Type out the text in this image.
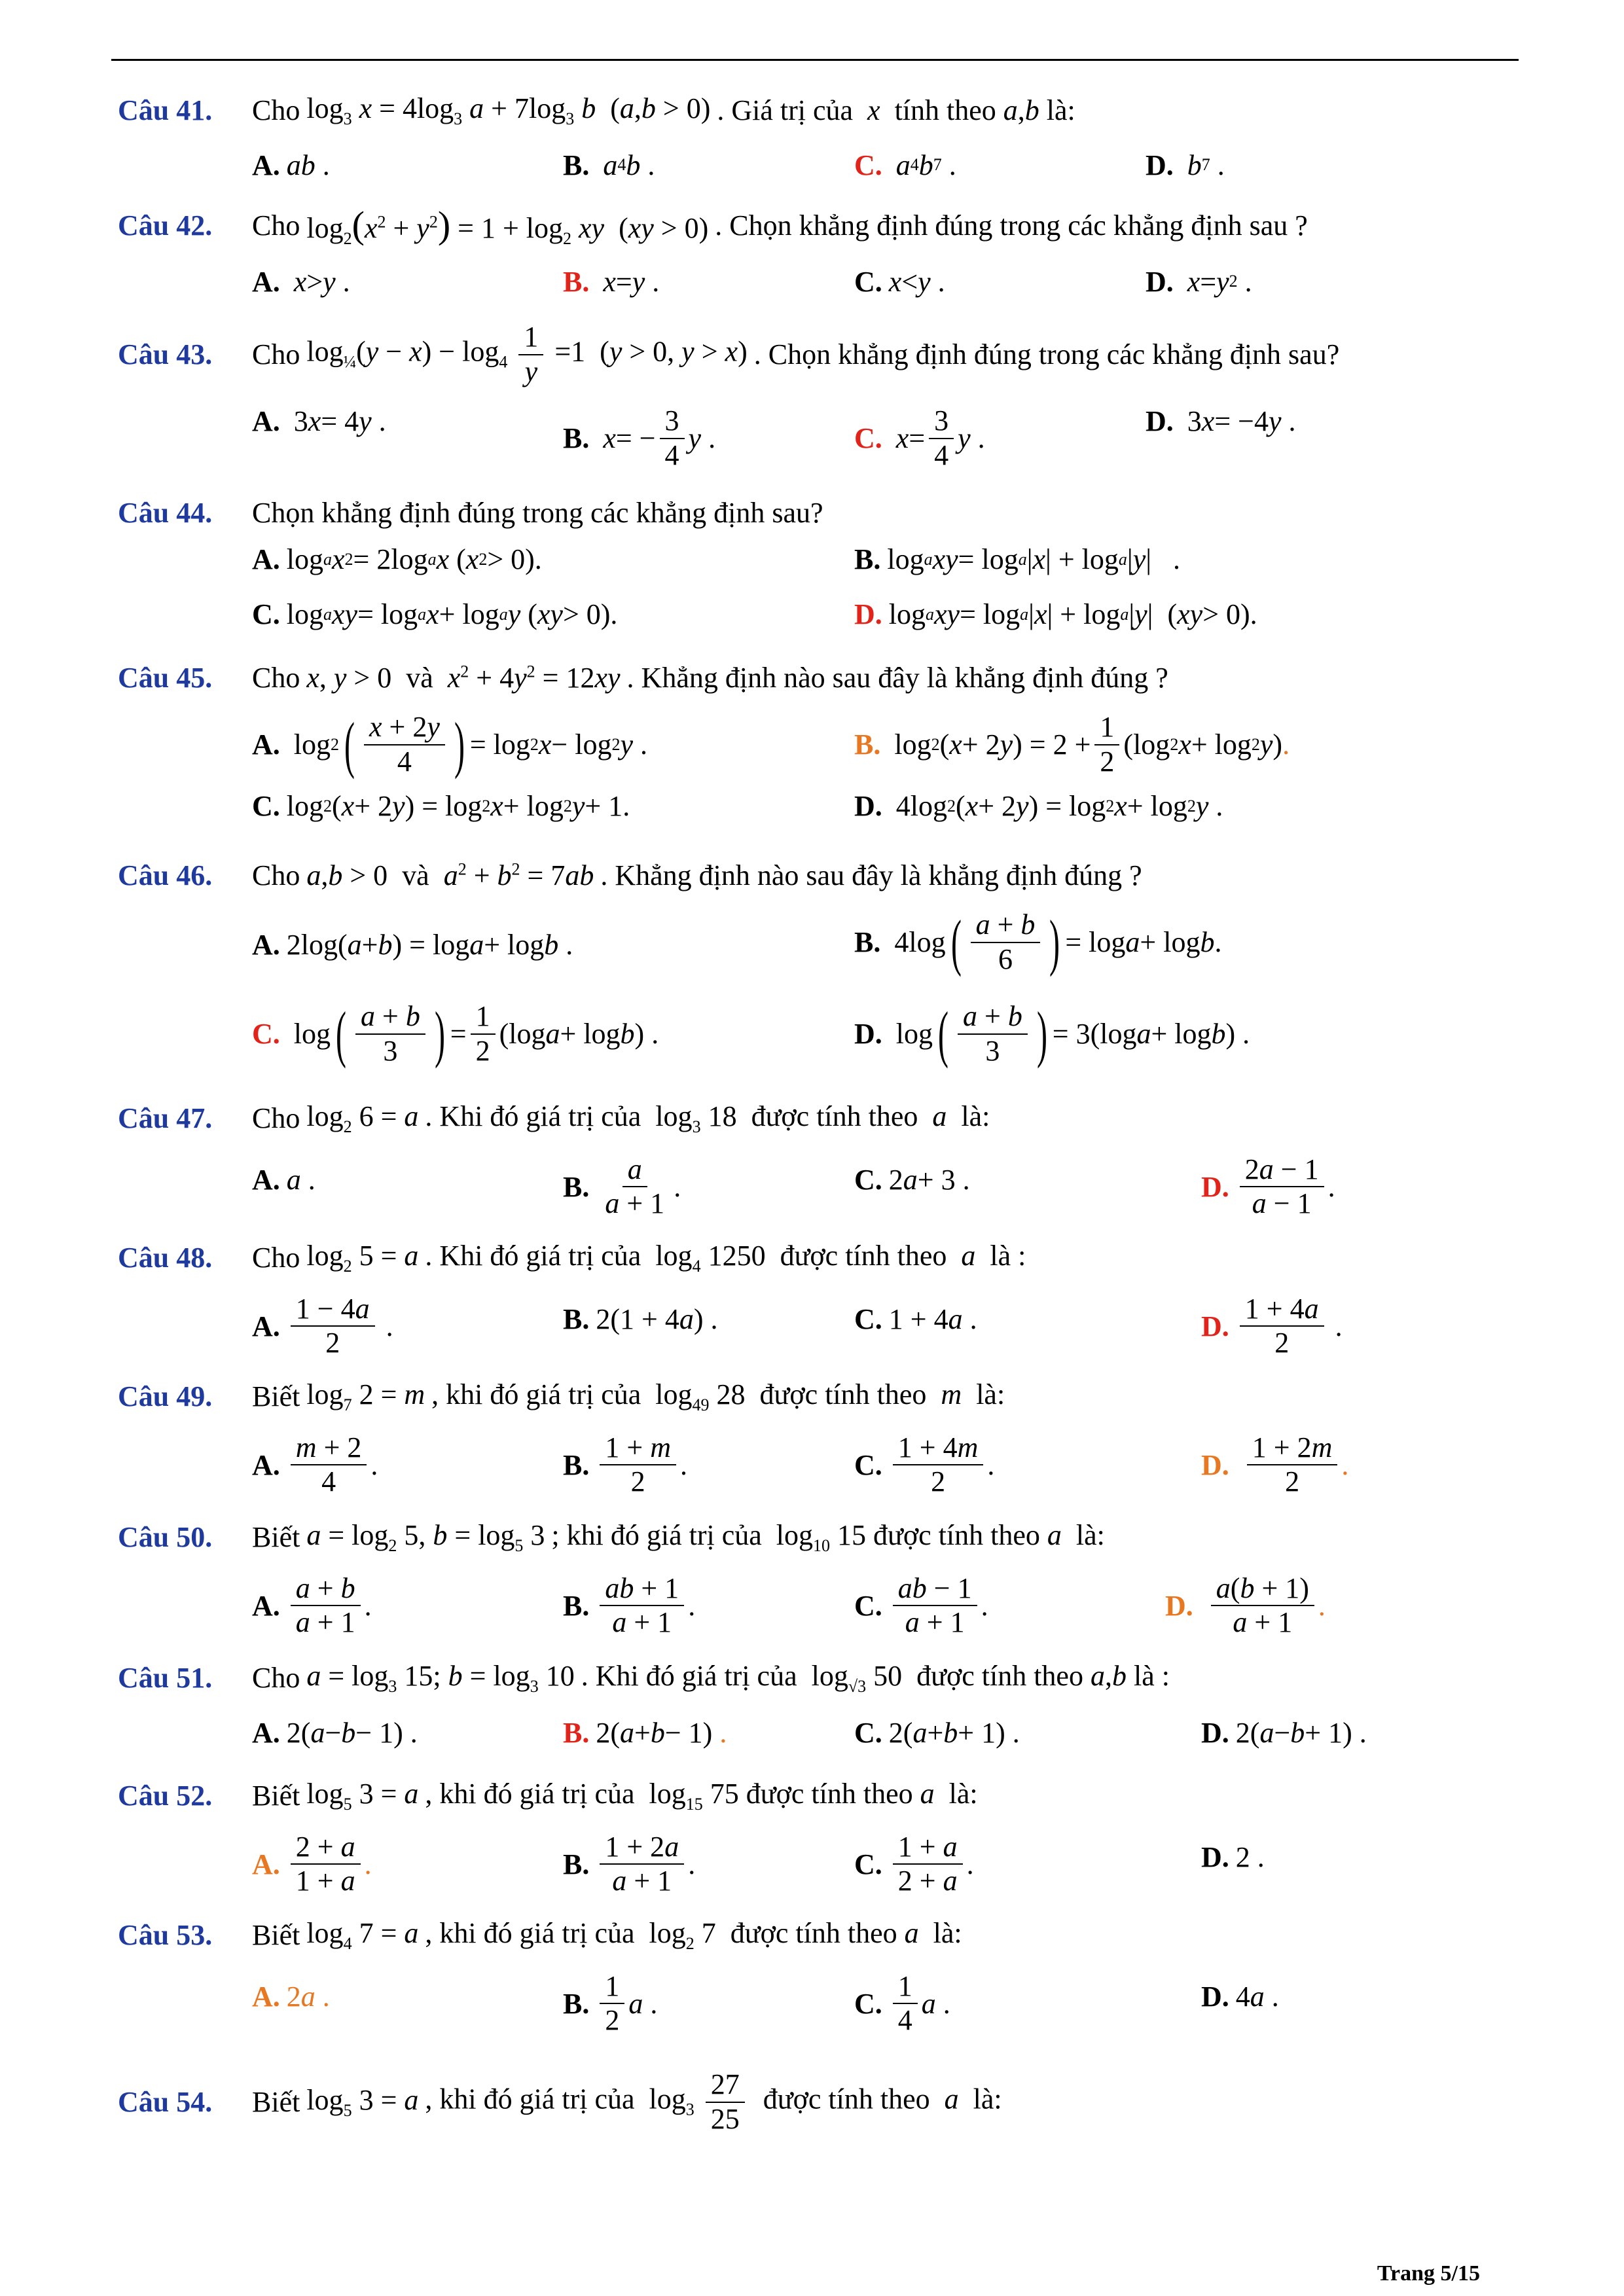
Câu 41.	Cho $\log_3 x = 4\log_3$ $a + 7\log_3$ b  (a,b > 0) . Giá trị của  x  tính theo a,b là:
A. ab .	B.
a 4 b .	C.
a 4 b 7 .	D.
b 7 .
Câu 42.	Cho $\log_2(x^2 + y^2) = 1 + \log_2$ xy  (xy > 0) . Chọn khẳng định đúng trong các khẳng định sau ?
A.
x > y .	B.
x = y .	C. x < y .	D.
x = y 2 .
Câu 43.	Cho $\log_{\frac{1}{4}}(y - x) - \log_4 \frac{1}{y} =1$  (y > 0, y > x) . Chọn khẳng định đúng trong các khẳng định sau?
A. 3 x = 4 y .
B.
x = − $\frac{3}{4}$ y .	C.
$x = \frac{3}{4}$ y .
D. 3 x = −4 y .
Câu 44.	Chọn khẳng định đúng trong các khẳng định sau?
A. log a x 2 = 2log a x ( x 2 > 0).	B. log a xy = log a | x | + log a | y |   .
C. log a xy = log a x + log a y ( xy > 0).	D. log a xy = log a | x | + log a | y |  ( xy > 0).
Câu 45.	Cho x, y > 0  và  $x^2 + 4y^2 = 12xy$ . Khẳng định nào sau đây là khẳng định đúng ?
A. log 2 ( $\frac{x + 2y}{4}$ ) = log 2 x − log 2 y .	B. log 2 ( x + 2 y ) = $2 + \frac{1}{2} (\log$ 2 x + log 2 y ) .
C. log 2 ( x + 2 y ) = log 2 x + log 2 y + 1.	D. 4log 2 ( x + 2 y ) = log 2 x + log 2 y .
Câu 46.	Cho a,b > 0  và  $a^2 + b^2 = 7ab$ . Khẳng định nào sau đây là khẳng định đúng ?
A. 2log( a + b ) = log a + log b .	B. 4log ( $\frac{a + b}{6}$ ) = log a + log b .
C. log ( $\frac{a + b}{3}$ ) = $\frac{1}{2} (\log$ a + log b ) .	D. log ( $\frac{a + b}{3}$ ) = 3(log a + log b ) .
Câu 47.	Cho $\log_2 6 = a$ . Khi đó giá trị của  $\log_3 18$  được tính theo  a  là:
A. a .	B. $\frac{a}{a + 1}$ .	C. 2 a + 3 .	D. $\frac{2a - 1}{a - 1}$ .
Câu 48.	Cho $\log_2 5 = a$ . Khi đó giá trị của  $\log_4 1250$  được tính theo  a  là :
A. $\frac{1 - 4a}{2}$ .	B. 2(1 + 4 a ) .	C. 1 + 4 a .	D. $\frac{1 + 4a}{2}$ .
Câu 49.	Biết $\log_7 2 = m$ , khi đó giá trị của  $\log_{49} 28$  được tính theo  m  là:
A. $\frac{m + 2}{4}$ .	B. $\frac{1 + m}{2}$ .	C. $\frac{1 + 4m}{2}$ .	D.
$\frac{1 + 2m}{2}$ .
Câu 50.	Biết $a = \log_2 5$, $b = \log_5 3$ ; khi đó giá trị của  $\log_{10} 15$ được tính theo a  là:
A. $\frac{a + b}{a + 1}$ .	B. $\frac{ab + 1}{a + 1}$ .	C. $\frac{ab - 1}{a + 1}$ .	D.
$\frac{a(b + 1)}{a + 1}$ .
Câu 51.	Cho $a = \log_3 15$; $b = \log_3 10$ . Khi đó giá trị của  $\log_{√3} 50$  được tính theo a,b là :
A. 2( a − b − 1) .	B. 2( a + b − 1) .	C. 2( a + b + 1) .	D. 2( a − b + 1) .
Câu 52.	Biết $\log_5 3 = a$ , khi đó giá trị của  $\log_{15} 75$ được tính theo a  là:
A. $\frac{2 + a}{1 + a}$ .	B. $\frac{1 + 2a}{a + 1}$ .	C. $\frac{1 + a}{2 + a}$ .	D. 2 .
Câu 53.	Biết $\log_4 7 = a$ , khi đó giá trị của  $\log_2 7$  được tính theo a  là:
A. 2a .	B. $\frac{1}{2}$ a .	C. $\frac{1}{4}$ a .	D. 4 a .
Câu 54.	Biết $\log_5 3 = a$ , khi đó giá trị của  $\log_3 \frac{27}{25}$ được tính theo  a  là:
Trang 5/15
